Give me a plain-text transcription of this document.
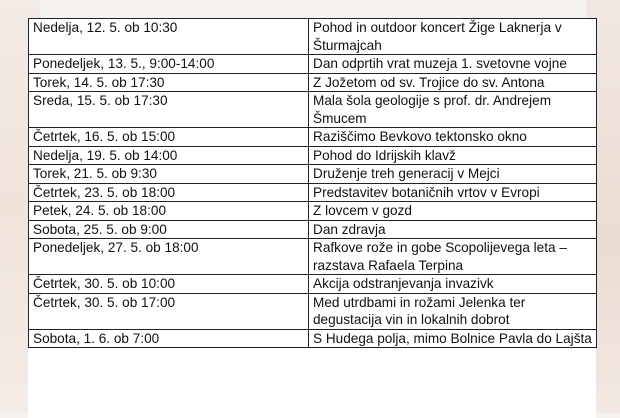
Nedelja, 12. 5. ob 10:30	Pohod in outdoor koncert Žige Laknerja v Šturmajcah
Ponedeljek, 13. 5., 9:00-14:00	Dan odprtih vrat muzeja 1. svetovne vojne
Torek, 14. 5. ob 17:30	Z Jožetom od sv. Trojice do sv. Antona
Sreda, 15. 5. ob 17:30	Mala šola geologije s prof. dr. Andrejem Šmucem
Četrtek, 16. 5. ob 15:00	Raziščimo Bevkovo tektonsko okno
Nedelja, 19. 5. ob 14:00	Pohod do Idrijskih klavž
Torek, 21. 5. ob 9:30	Druženje treh generacij v Mejci
Četrtek, 23. 5. ob 18:00	Predstavitev botaničnih vrtov v Evropi
Petek, 24. 5. ob 18:00	Z lovcem v gozd
Sobota, 25. 5. ob 9:00	Dan zdravja
Ponedeljek, 27. 5. ob 18:00	Rafkove rože in gobe Scopolijevega leta – razstava Rafaela Terpina
Četrtek, 30. 5. ob 10:00	Akcija odstranjevanja invazivk
Četrtek, 30. 5. ob 17:00	Med utrdbami in rožami Jelenka ter degustacija vin in lokalnih dobrot
Sobota, 1. 6. ob 7:00	S Hudega polja, mimo Bolnice Pavla do Lajšta
